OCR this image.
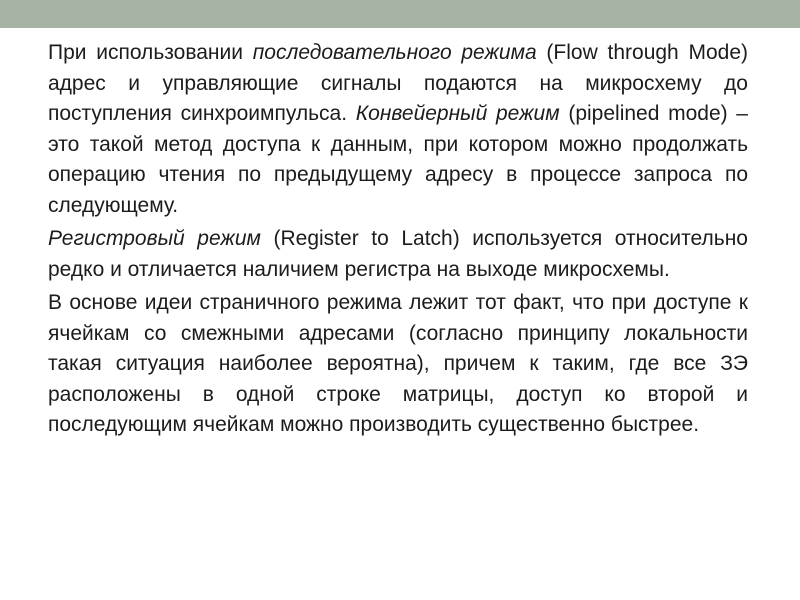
При использовании последовательного режима (Flow through Mode) адрес и управляющие сигналы подаются на микросхему до поступления синхроимпульса. Конвейерный режим (pipelined mode) – это такой метод доступа к данным, при котором можно продолжать операцию чтения по предыдущему адресу в процессе запроса по следующему.

Регистровый режим (Register to Latch) используется относительно редко и отличается наличием регистра на выходе микросхемы.

В основе идеи страничного режима лежит тот факт, что при доступе к ячейкам со смежными адресами (согласно принципу локальности такая ситуация наиболее вероятна), причем к таким, где все ЗЭ расположены в одной строке матрицы, доступ ко второй и последующим ячейкам можно производить существенно быстрее.
